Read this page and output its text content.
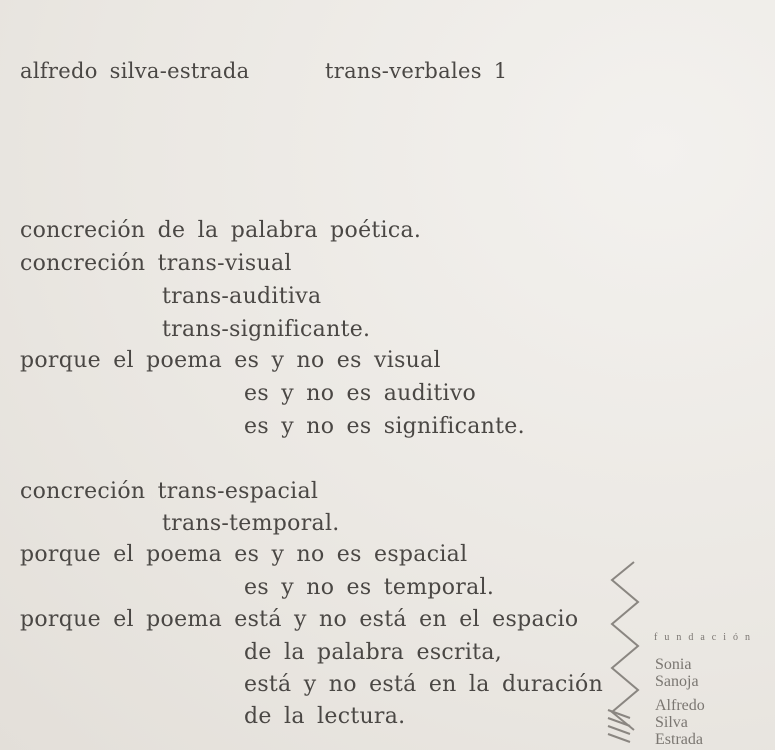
alfredo silva-estrada	trans-verbales 1
concreción de la palabra poética.
concreción trans-visual
trans-auditiva
trans-significante.
porque el poema es y no es visual
es y no es auditivo
es y no es significante.
concreción trans-espacial
trans-temporal.
porque el poema es y no es espacial
es y no es temporal.
porque el poema está y no está en el espacio
de la palabra escrita,
está y no está en la duración
de la lectura.
fundación
Sonia
Sanoja
Alfredo
Silva
Estrada
